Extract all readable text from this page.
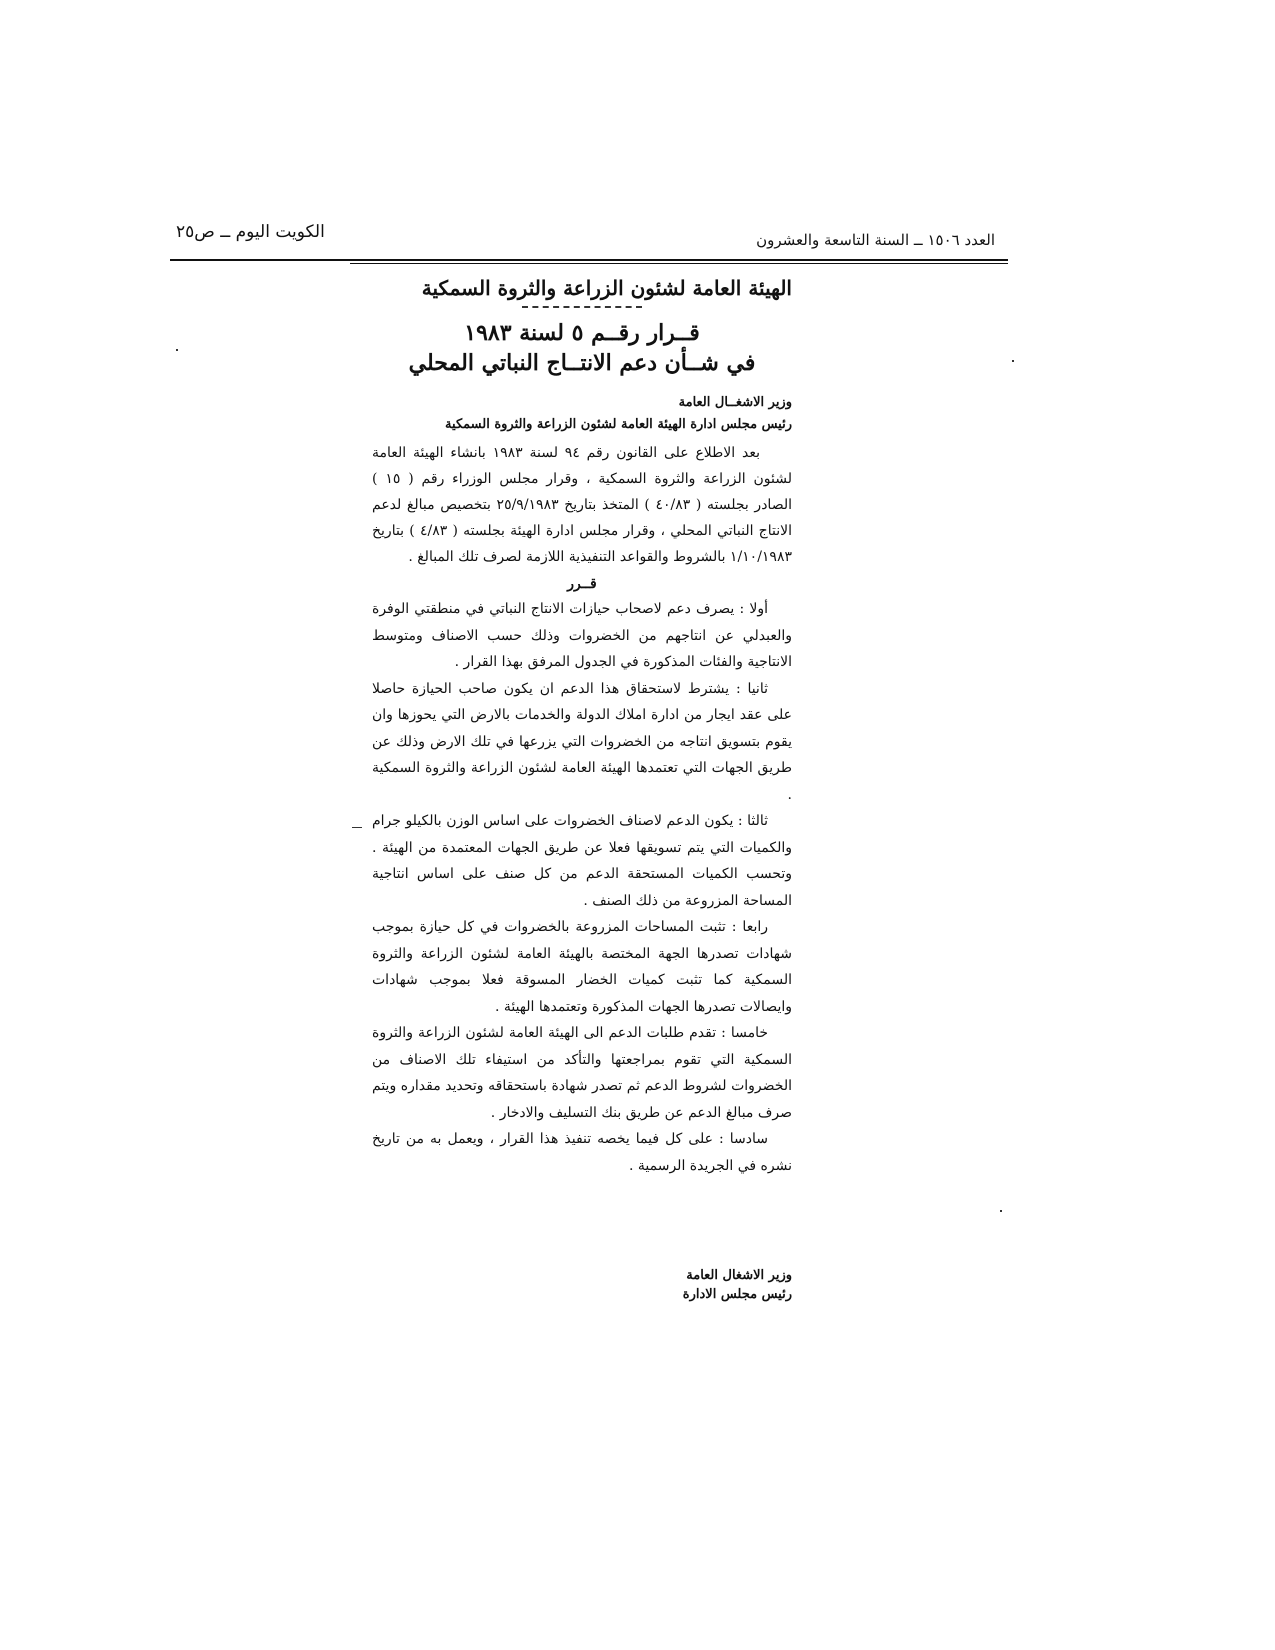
الكويت اليوم ــ ص٢٥	العدد ١٥٠٦ ــ السنة التاسعة والعشرون
الهيئة العامة لشئون الزراعة والثروة السمكية
قــرار رقــم ٥ لسنة ١٩٨٣
في شــأن دعم الانتــاج النباتي المحلي
وزير الاشغــال العامة
رئيس مجلس ادارة الهيئة العامة لشئون الزراعة والثروة السمكية

بعد الاطلاع على القانون رقم ٩٤ لسنة ١٩٨٣ بانشاء الهيئة العامة لشئون الزراعة والثروة السمكية ، وقرار مجلس الوزراء رقم ( ١٥ ) الصادر بجلسته ( ٤٠/٨٣ ) المتخذ بتاريخ ٢٥/٩/١٩٨٣ بتخصيص مبالغ لدعم الانتاج النباتي المحلي ، وقرار مجلس ادارة الهيئة بجلسته ( ٤/٨٣ ) بتاريخ ١/١٠/١٩٨٣ بالشروط والقواعد التنفيذية اللازمة لصرف تلك المبالغ .

قــرر

أولا : يصرف دعم لاصحاب حيازات الانتاج النباتي في منطقتي الوفرة والعبدلي عن انتاجهم من الخضروات وذلك حسب الاصناف ومتوسط الانتاجية والفئات المذكورة في الجدول المرفق بهذا القرار .

ثانيا : يشترط لاستحقاق هذا الدعم ان يكون صاحب الحيازة حاصلا على عقد ايجار من ادارة املاك الدولة والخدمات بالارض التي يحوزها وان يقوم بتسويق انتاجه من الخضروات التي يزرعها في تلك الارض وذلك عن طريق الجهات التي تعتمدها الهيئة العامة لشئون الزراعة والثروة السمكية .

ثالثا : يكون الدعم لاصناف الخضروات على اساس الوزن بالكيلو جرام والكميات التي يتم تسويقها فعلا عن طريق الجهات المعتمدة من الهيئة . وتحسب الكميات المستحقة الدعم من كل صنف على اساس انتاجية المساحة المزروعة من ذلك الصنف .

رابعا : تثبت المساحات المزروعة بالخضروات في كل حيازة بموجب شهادات تصدرها الجهة المختصة بالهيئة العامة لشئون الزراعة والثروة السمكية كما تثبت كميات الخضار المسوقة فعلا بموجب شهادات وايصالات تصدرها الجهات المذكورة وتعتمدها الهيئة .

خامسا : تقدم طلبات الدعم الى الهيئة العامة لشئون الزراعة والثروة السمكية التي تقوم بمراجعتها والتأكد من استيفاء تلك الاصناف من الخضروات لشروط الدعم ثم تصدر شهادة باستحقاقه وتحديد مقداره ويتم صرف مبالغ الدعم عن طريق بنك التسليف والادخار .

سادسا : على كل فيما يخصه تنفيذ هذا القرار ، ويعمل به من تاريخ نشره في الجريدة الرسمية .

وزير الاشغال العامة
رئيس مجلس الادارة
